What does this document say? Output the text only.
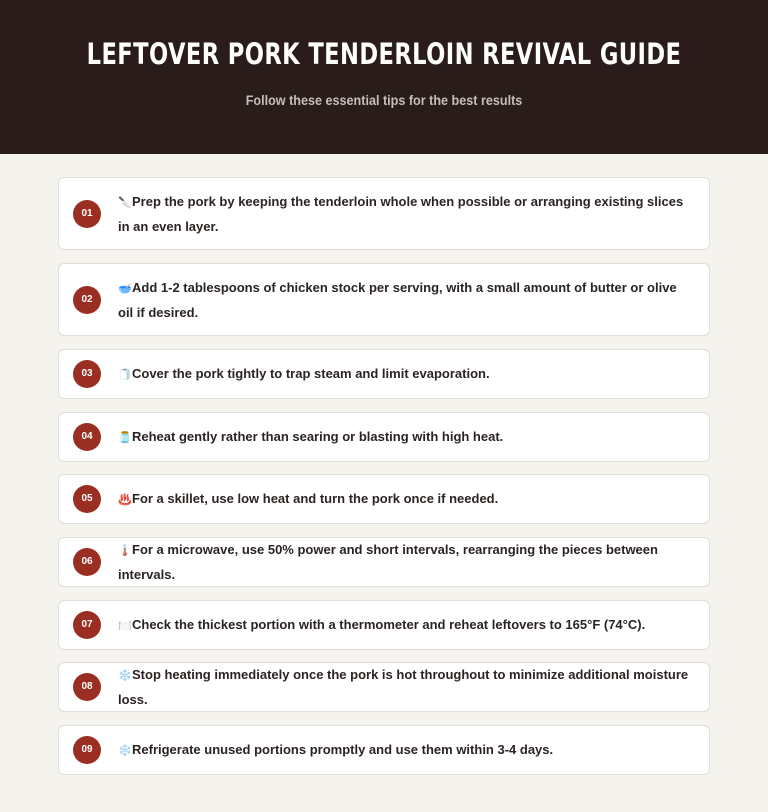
LEFTOVER PORK TENDERLOIN REVIVAL GUIDE

Follow these essential tips for the best results

01
🔪Prep the pork by keeping the tenderloin whole when possible or arranging existing slices in an even layer.
02
🥣Add 1-2 tablespoons of chicken stock per serving, with a small amount of butter or olive oil if desired.
03	🧻Cover the pork tightly to trap steam and limit evaporation.
04	🫙Reheat gently rather than searing or blasting with high heat.
05	♨️For a skillet, use low heat and turn the pork once if needed.
06
🌡️For a microwave, use 50% power and short intervals, rearranging the pieces between intervals.
07	🍽️Check the thickest portion with a thermometer and reheat leftovers to 165°F (74°C).
08
❄️Stop heating immediately once the pork is hot throughout to minimize additional moisture loss.
09	❄️Refrigerate unused portions promptly and use them within 3-4 days.
